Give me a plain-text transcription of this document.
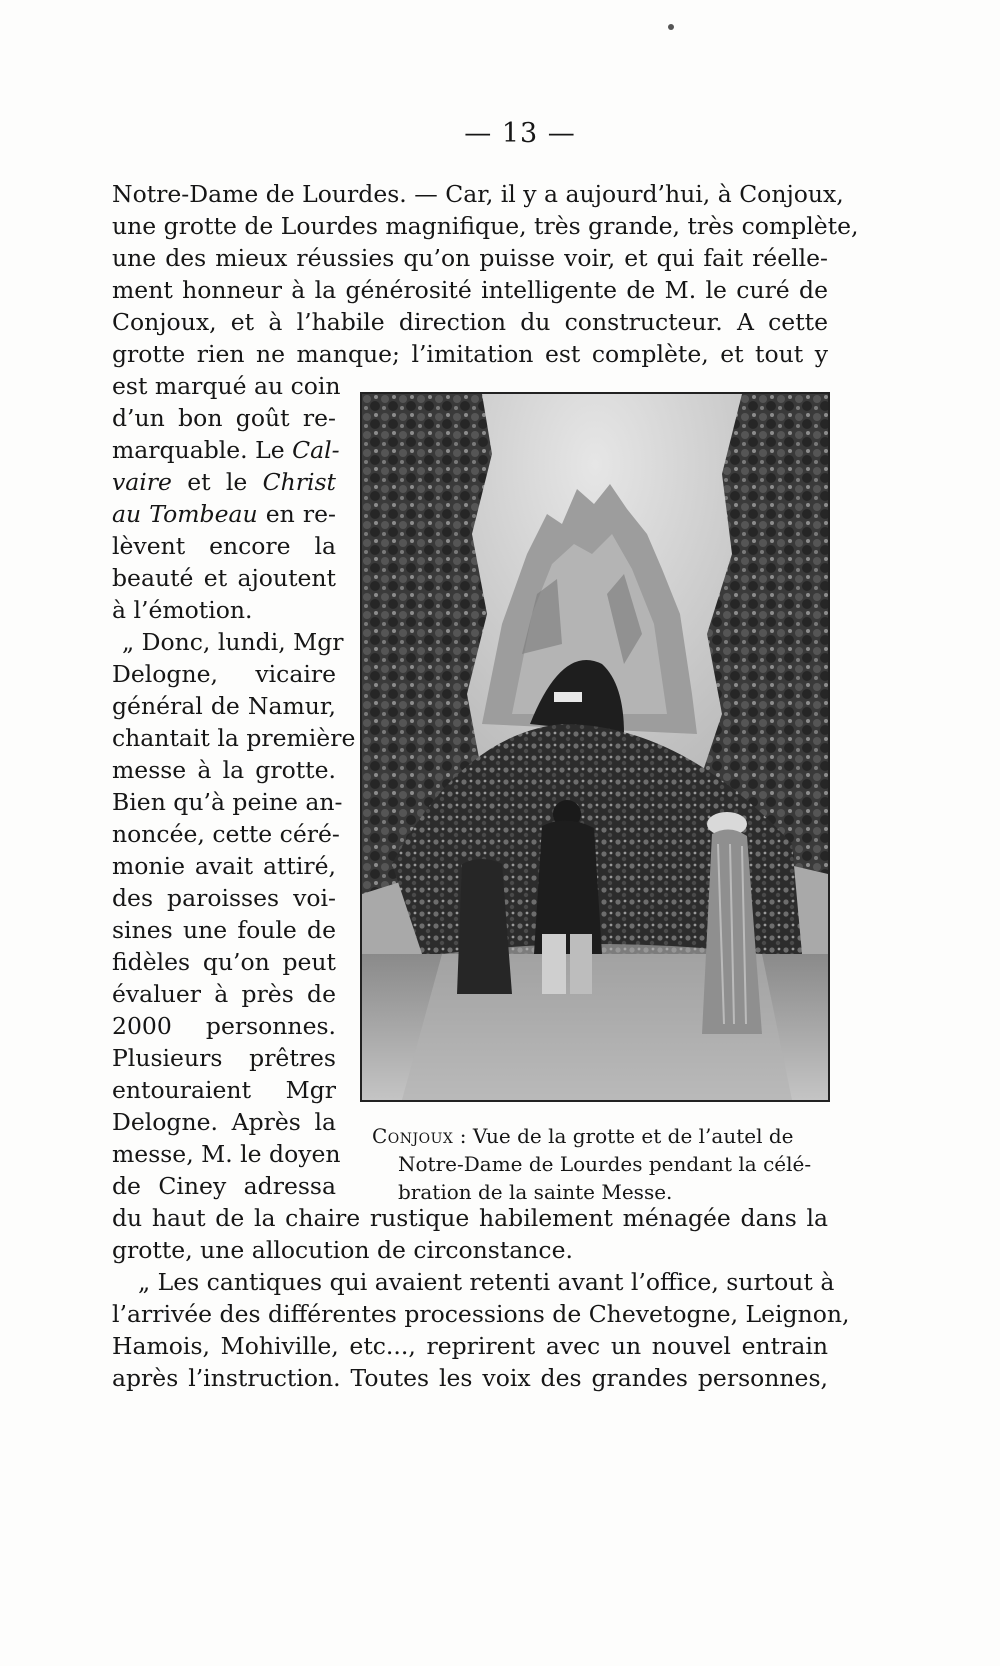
— 13 —
Notre-Dame de Lourdes. — Car, il y a aujourd’hui, à Conjoux,
une grotte de Lourdes magnifique, très grande, très complète,
une des mieux réussies qu’on puisse voir, et qui fait réelle-
ment honneur à la générosité intelligente de M. le curé de
Conjoux, et à l’habile direction du constructeur. A cette
grotte rien ne manque; l’imitation est complète, et tout y
est marqué au coin
d’un bon goût re-
marquable. Le Cal-
vaire et le Christ
au Tombeau en re-
lèvent encore la
beauté et ajoutent
à l’émotion.
„ Donc, lundi, Mgr
Delogne, vicaire
général de Namur,
chantait la première
messe à la grotte.
Bien qu’à peine an-
noncée, cette céré-
monie avait attiré,
des paroisses voi-
sines une foule de
fidèles qu’on peut
évaluer à près de
2000 personnes.
Plusieurs prêtres
entouraient Mgr
Delogne. Après la
messe, M. le doyen
de Ciney adressa
Conjoux : Vue de la grotte et de l’autel de
Notre-Dame de Lourdes pendant la célé-
bration de la sainte Messe.
du haut de la chaire rustique habilement ménagée dans la
grotte, une allocution de circonstance.
„ Les cantiques qui avaient retenti avant l’office, surtout à
l’arrivée des différentes processions de Chevetogne, Leignon,
Hamois, Mohiville, etc..., reprirent avec un nouvel entrain
après l’instruction. Toutes les voix des grandes personnes,
